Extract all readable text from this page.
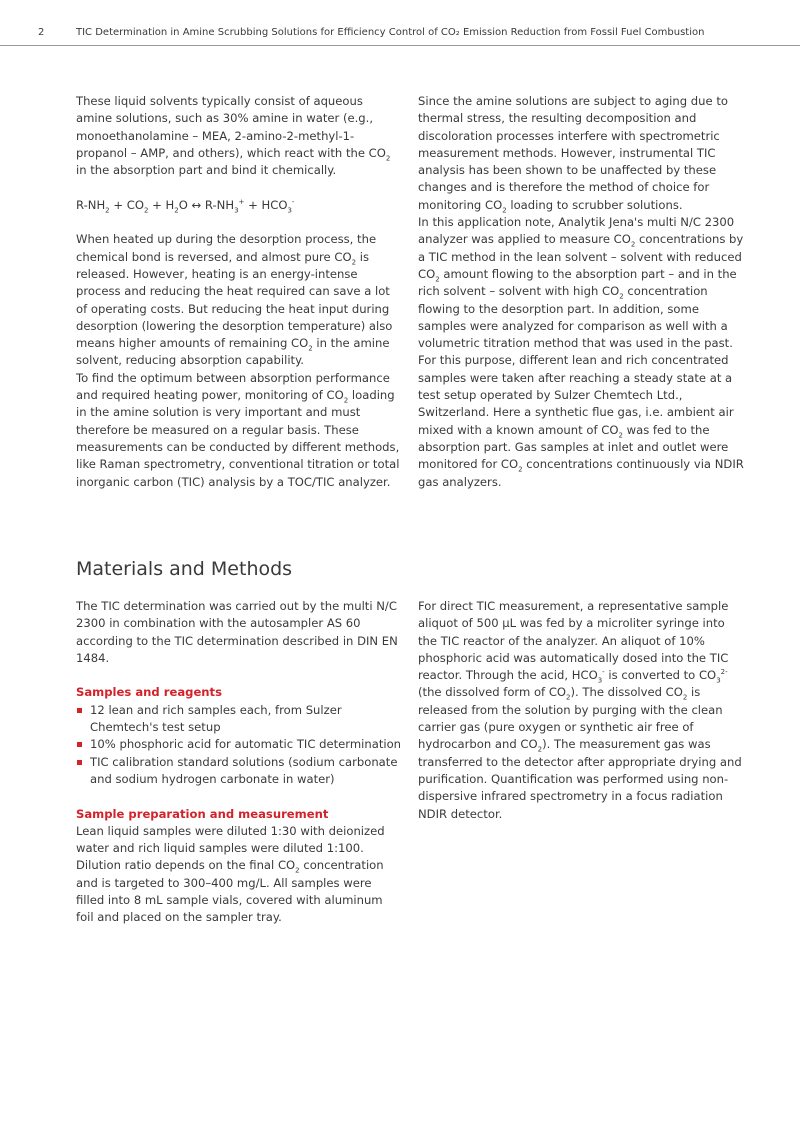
2	TIC Determination in Amine Scrubbing Solutions for Efficiency Control of CO₂ Emission Reduction from Fossil Fuel Combustion

These liquid solvents typically consist of aqueous amine solutions, such as 30% amine in water (e.g., monoethanolamine – MEA, 2-amino-2-methyl-1-propanol – AMP, and others), which react with the $CO_2$ in the absorption part and bind it chemically.

$R-NH_2 + CO_2 + H_2O$ ↔ $R-NH_3^+ + HCO_3^-$

When heated up during the desorption process, the chemical bond is reversed, and almost pure $CO_2$ is released. However, heating is an energy-intense process and reducing the heat required can save a lot of operating costs. But reducing the heat input during desorption (lowering the desorption temperature) also means higher amounts of remaining $CO_2$ in the amine solvent, reducing absorption capability.

To find the optimum between absorption performance and required heating power, monitoring of $CO_2$ loading in the amine solution is very important and must therefore be measured on a regular basis. These measurements can be conducted by different methods, like Raman spectrometry, conventional titration or total inorganic carbon (TIC) analysis by a TOC/TIC analyzer.

Since the amine solutions are subject to aging due to thermal stress, the resulting decomposition and discoloration processes interfere with spectrometric measurement methods. However, instrumental TIC analysis has been shown to be unaffected by these changes and is therefore the method of choice for monitoring $CO_2$ loading to scrubber solutions.

In this application note, Analytik Jena's multi N/C 2300 analyzer was applied to measure $CO_2$ concentrations by a TIC method in the lean solvent – solvent with reduced $CO_2$ amount flowing to the absorption part – and in the rich solvent – solvent with high $CO_2$ concentration flowing to the desorption part. In addition, some samples were analyzed for comparison as well with a volumetric titration method that was used in the past. For this purpose, different lean and rich concentrated samples were taken after reaching a steady state at a test setup operated by Sulzer Chemtech Ltd., Switzerland. Here a synthetic flue gas, i.e. ambient air mixed with a known amount of $CO_2$ was fed to the absorption part. Gas samples at inlet and outlet were monitored for $CO_2$ concentrations continuously via NDIR gas analyzers.

Materials and Methods

The TIC determination was carried out by the multi N/C 2300 in combination with the autosampler AS 60 according to the TIC determination described in DIN EN 1484.

Samples and reagents

12 lean and rich samples each, from Sulzer Chemtech's test setup
10% phosphoric acid for automatic TIC determination
TIC calibration standard solutions (sodium carbonate and sodium hydrogen carbonate in water)

Sample preparation and measurement

Lean liquid samples were diluted 1:30 with deionized water and rich liquid samples were diluted 1:100. Dilution ratio depends on the final $CO_2$ concentration and is targeted to 300–400 mg/L. All samples were filled into 8 mL sample vials, covered with aluminum foil and placed on the sampler tray.

For direct TIC measurement, a representative sample aliquot of 500 µL was fed by a microliter syringe into the TIC reactor of the analyzer. An aliquot of 10% phosphoric acid was automatically dosed into the TIC reactor. Through the acid, $HCO_3^-$ is converted to $CO_3^{2-}$ (the dissolved form of $CO_2$). The dissolved $CO_2$ is released from the solution by purging with the clean carrier gas (pure oxygen or synthetic air free of hydrocarbon and $CO_2$). The measurement gas was transferred to the detector after appropriate drying and purification. Quantification was performed using non-dispersive infrared spectrometry in a focus radiation NDIR detector.
